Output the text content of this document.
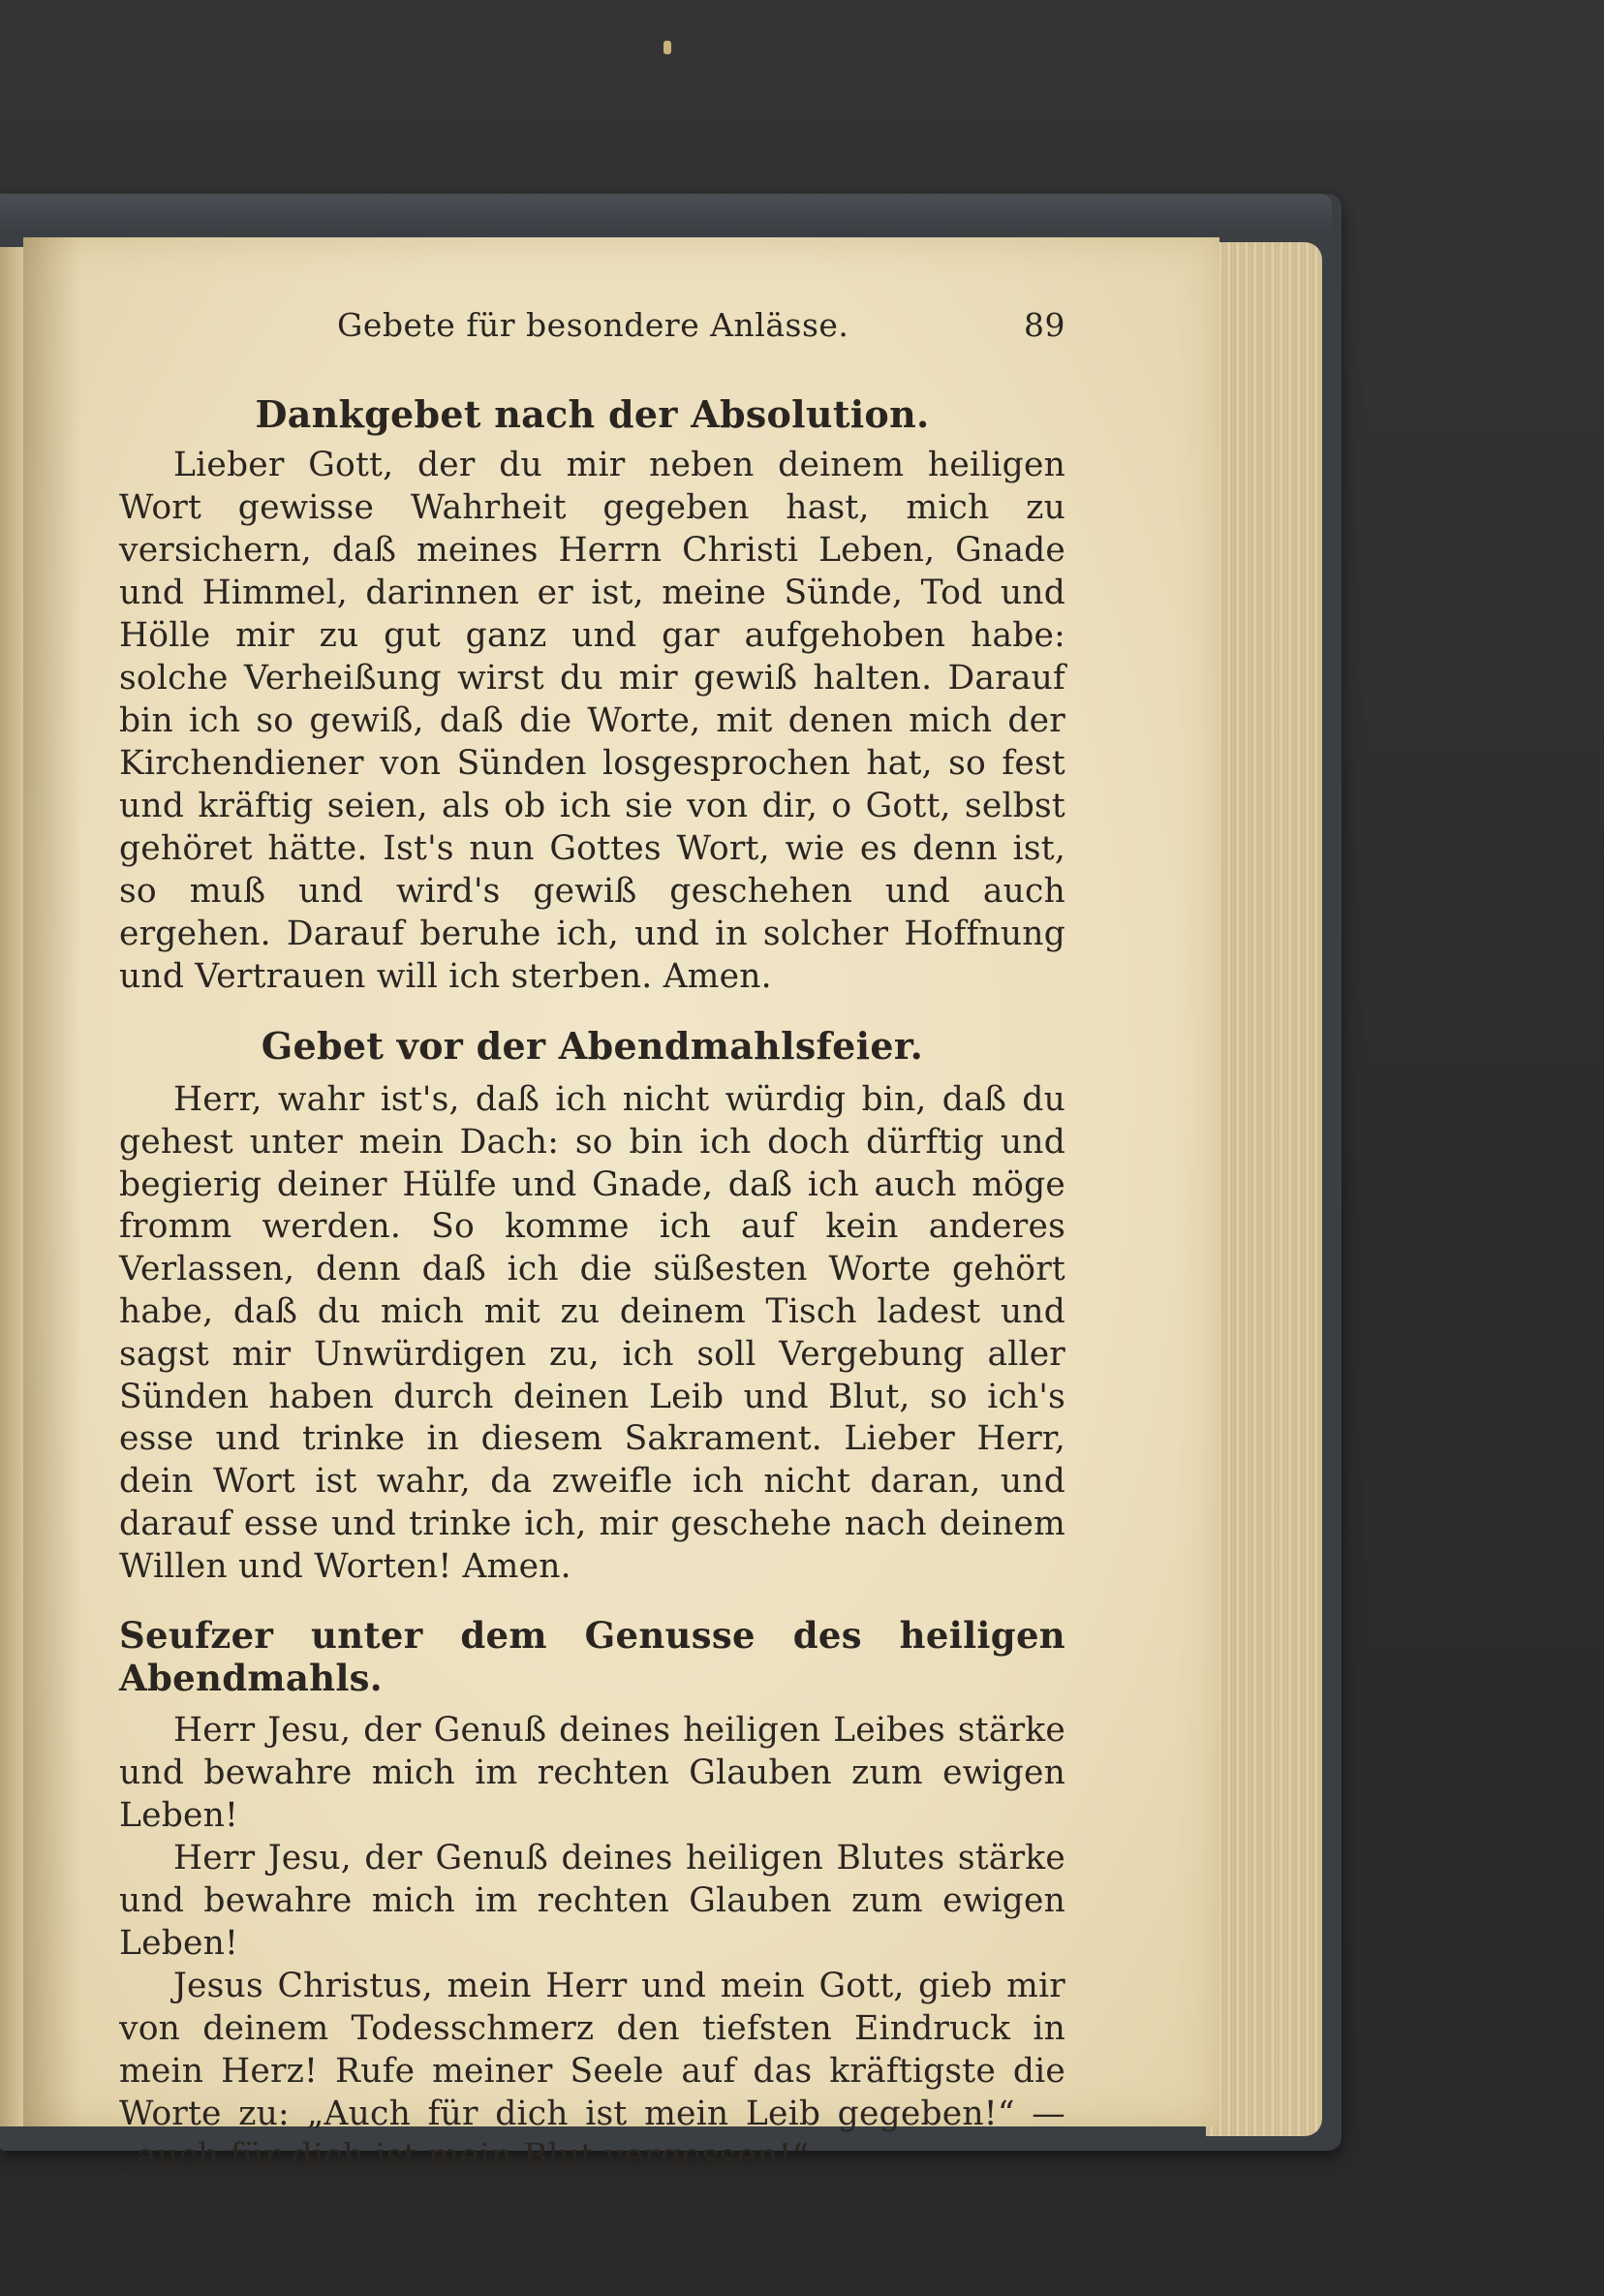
Gebete für besondere Anlässe.	89
Dankgebet nach der Absolution.

Lieber Gott, der du mir neben deinem heiligen Wort gewisse Wahrheit gegeben hast, mich zu versichern, daß meines Herrn Christi Leben, Gnade und Himmel, darinnen er ist, meine Sünde, Tod und Hölle mir zu gut ganz und gar aufgehoben habe: solche Verheißung wirst du mir gewiß halten. Darauf bin ich so gewiß, daß die Worte, mit denen mich der Kirchendiener von Sünden losgesprochen hat, so fest und kräftig seien, als ob ich sie von dir, o Gott, selbst gehöret hätte. Ist's nun Gottes Wort, wie es denn ist, so muß und wird's gewiß geschehen und auch ergehen. Darauf beruhe ich, und in solcher Hoffnung und Vertrauen will ich sterben. Amen.

Gebet vor der Abendmahlsfeier.

Herr, wahr ist's, daß ich nicht würdig bin, daß du gehest unter mein Dach: so bin ich doch dürftig und begierig deiner Hülfe und Gnade, daß ich auch möge fromm werden. So komme ich auf kein anderes Verlassen, denn daß ich die süßesten Worte gehört habe, daß du mich mit zu deinem Tisch ladest und sagst mir Unwürdigen zu, ich soll Vergebung aller Sünden haben durch deinen Leib und Blut, so ich's esse und trinke in diesem Sakrament. Lieber Herr, dein Wort ist wahr, da zweifle ich nicht daran, und darauf esse und trinke ich, mir geschehe nach deinem Willen und Worten! Amen.

Seufzer unter dem Genusse des heiligen Abendmahls.

Herr Jesu, der Genuß deines heiligen Leibes stärke und bewahre mich im rechten Glauben zum ewigen Leben!

Herr Jesu, der Genuß deines heiligen Blutes stärke und bewahre mich im rechten Glauben zum ewigen Leben!

Jesus Christus, mein Herr und mein Gott, gieb mir von deinem Todesschmerz den tiefsten Eindruck in mein Herz! Rufe meiner Seele auf das kräftigste die Worte zu: „Auch für dich ist mein Leib gegeben!“ — „auch für dich ist mein Blut vergossen!“
